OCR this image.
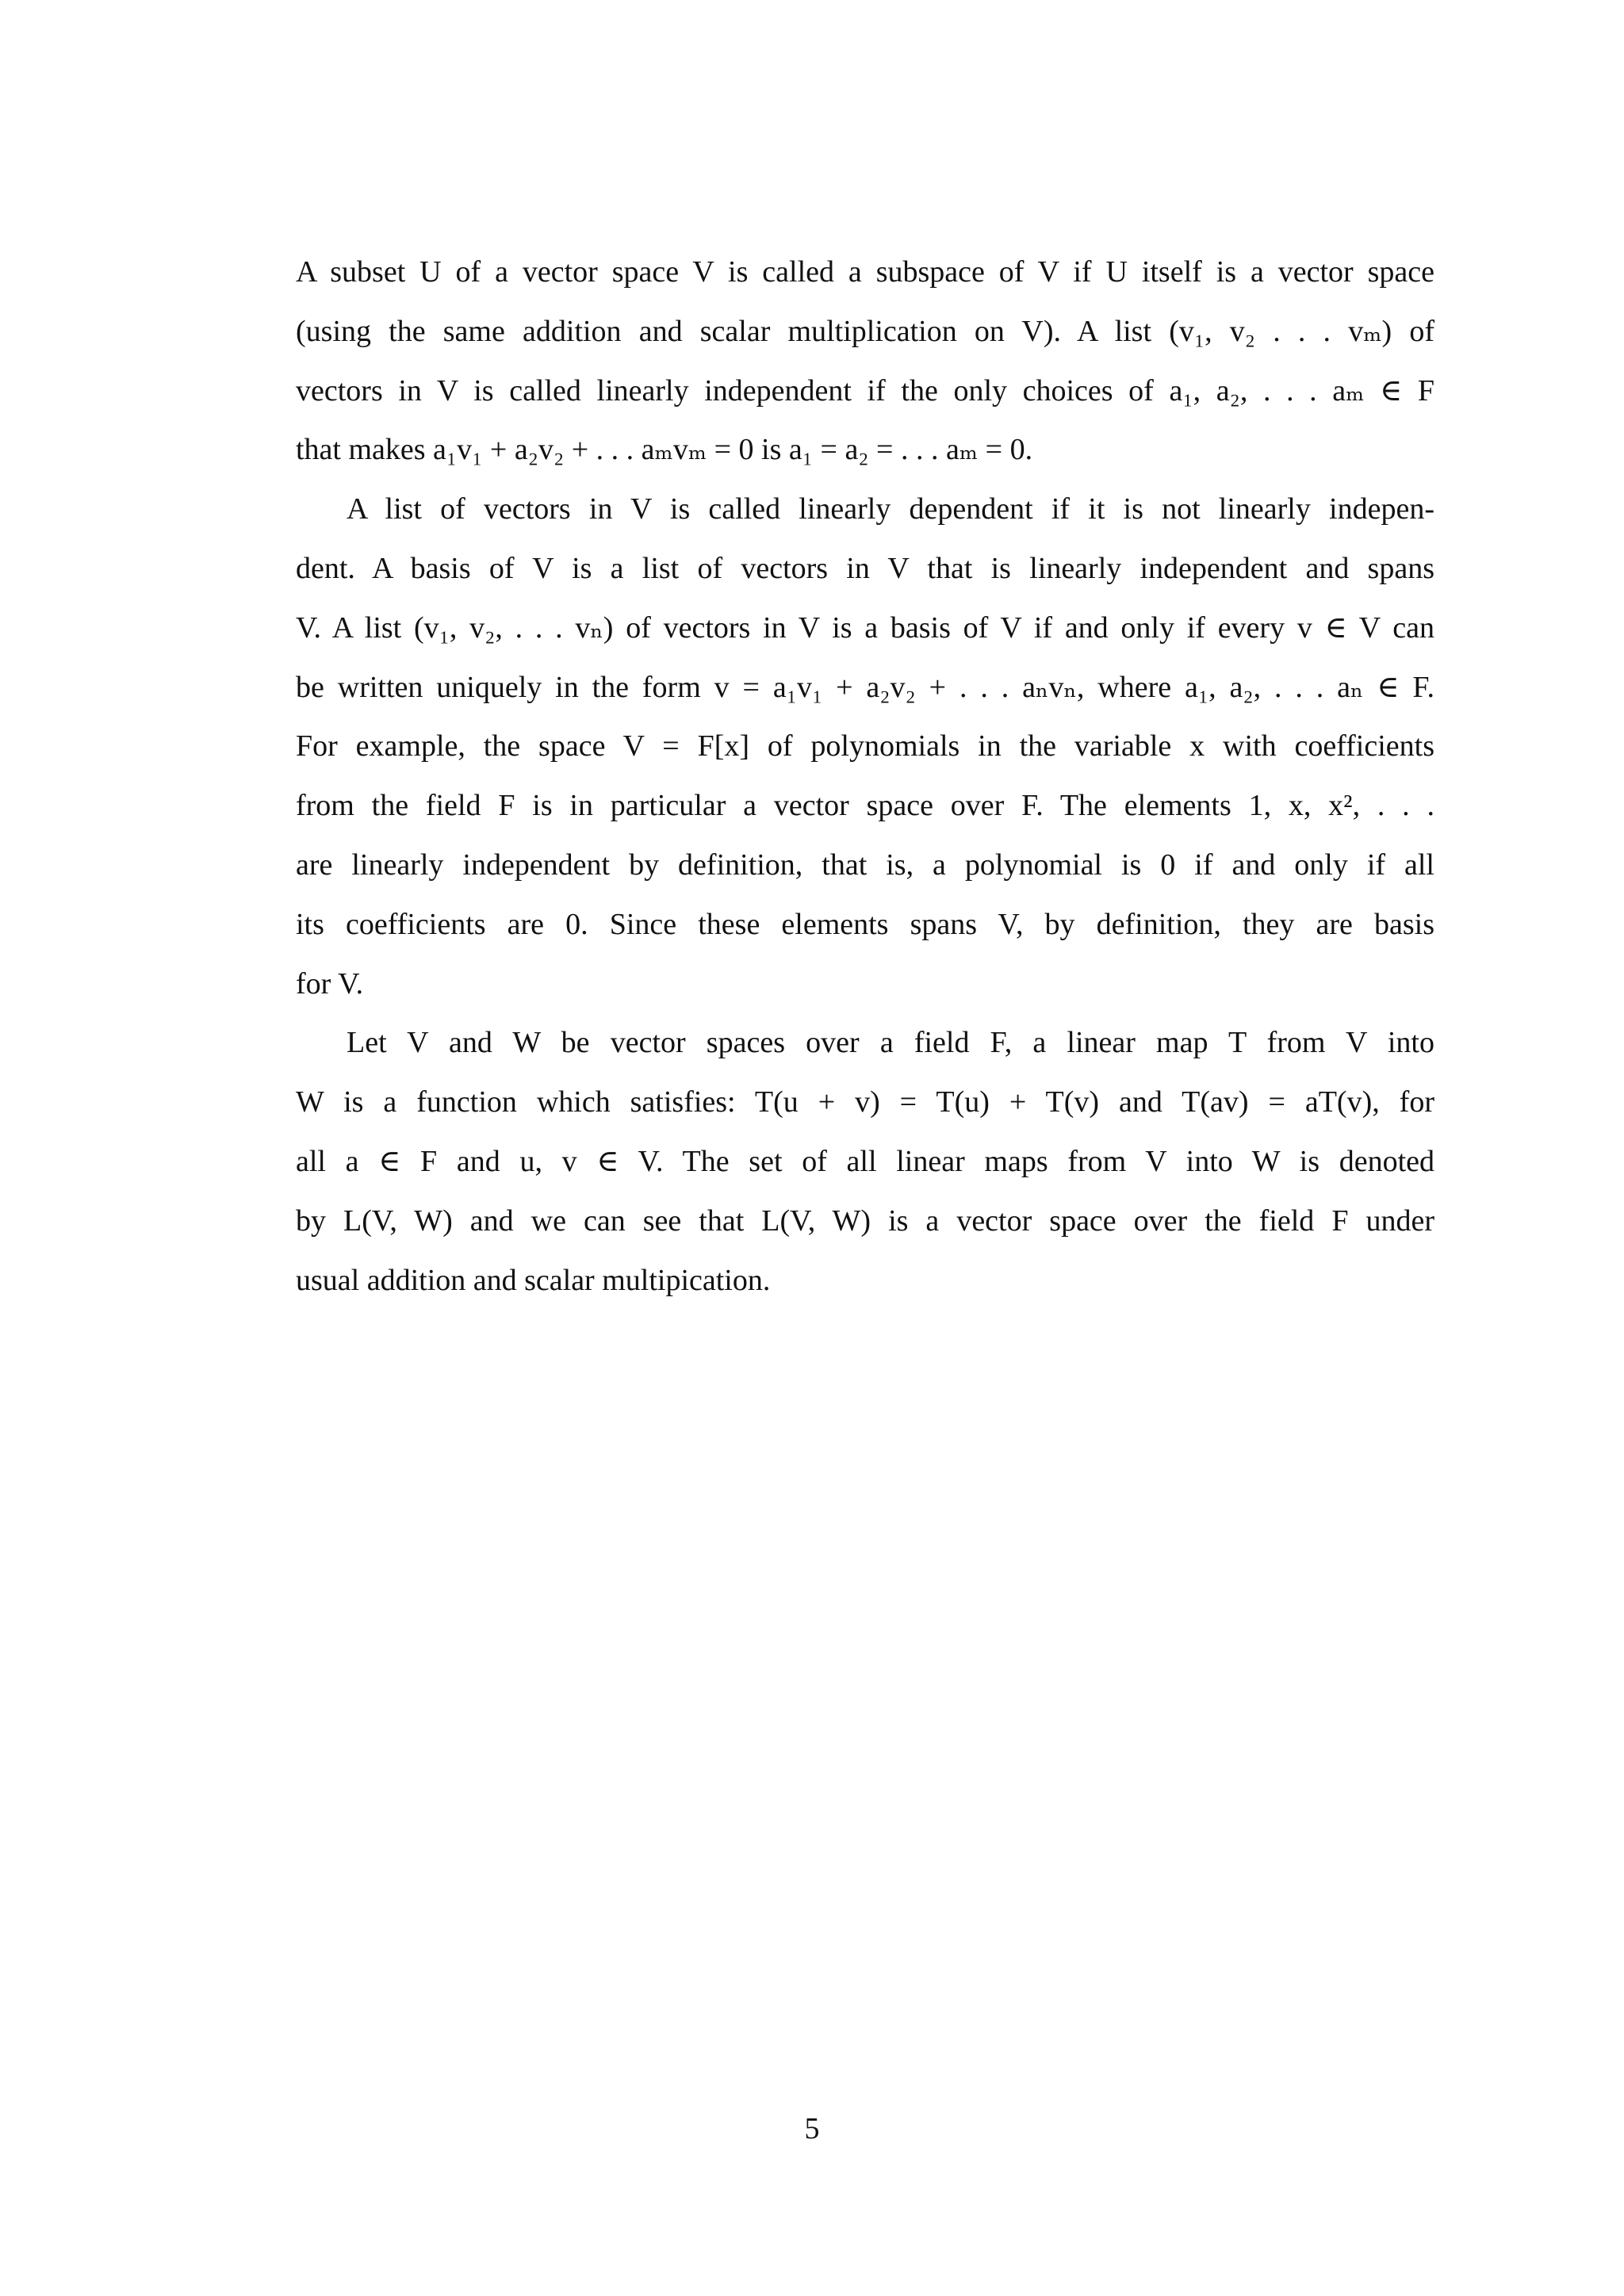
A subset U of a vector space V is called a subspace of V if U itself is a vector space
(using the same addition and scalar multiplication on V). A list (v₁, v₂ . . . vₘ) of
vectors in V is called linearly independent if the only choices of a₁, a₂, . . . aₘ ∈ F
that makes a₁v₁ + a₂v₂ + . . . aₘvₘ = 0 is a₁ = a₂ = . . . aₘ = 0.
A list of vectors in V is called linearly dependent if it is not linearly indepen-
dent. A basis of V is a list of vectors in V that is linearly independent and spans
V. A list (v₁, v₂, . . . vₙ) of vectors in V is a basis of V if and only if every v ∈ V can
be written uniquely in the form v = a₁v₁ + a₂v₂ + . . . aₙvₙ, where a₁, a₂, . . . aₙ ∈ F.
For example, the space V = F[x] of polynomials in the variable x with coefficients
from the field F is in particular a vector space over F. The elements 1, x, x², . . .
are linearly independent by definition, that is, a polynomial is 0 if and only if all
its coefficients are 0. Since these elements spans V, by definition, they are basis
for V.
Let V and W be vector spaces over a field F, a linear map T from V into
W is a function which satisfies: T(u + v) = T(u) + T(v) and T(av) = aT(v), for
all a ∈ F and u, v ∈ V. The set of all linear maps from V into W is denoted
by L(V, W) and we can see that L(V, W) is a vector space over the field F under
usual addition and scalar multipication.
5
